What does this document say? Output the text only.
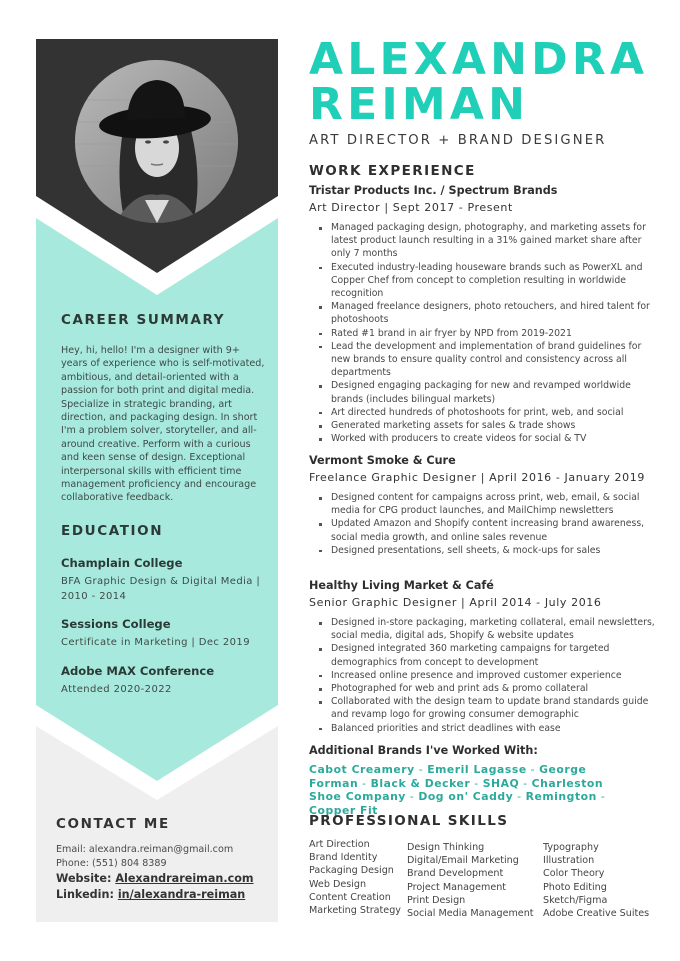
CAREER SUMMARY
Hey, hi, hello! I'm a designer with 9+ years of experience who is self-motivated, ambitious, and detail-oriented with a passion for both print and digital media. Specialize in strategic branding, art direction, and packaging design. In short I'm a problem solver, storyteller, and all-around creative. Perform with a curious and keen sense of design. Exceptional interpersonal skills with efficient time management proficiency and encourage collaborative feedback.
EDUCATION
Champlain College
BFA Graphic Design & Digital Media | 2010 - 2014
Sessions College
Certificate in Marketing | Dec 2019
Adobe MAX Conference
Attended 2020-2022
CONTACT ME
Email: alexandra.reiman@gmail.com
Phone: (551) 804 8389
Website: Alexandrareiman.com
Linkedin: in/alexandra-reiman
ALEXANDRA
REIMAN
ART DIRECTOR + BRAND DESIGNER
WORK EXPERIENCE
Tristar Products Inc. / Spectrum Brands
Art Director | Sept 2017 - Present
Managed packaging design, photography, and marketing assets for latest product launch resulting in a 31% gained market share after only 7 months
Executed industry-leading houseware brands such as PowerXL and Copper Chef from concept to completion resulting in worldwide recognition
Managed freelance designers, photo retouchers, and hired talent for photoshoots
Rated #1 brand in air fryer by NPD from 2019-2021
Lead the development and implementation of brand guidelines for new brands to ensure quality control and consistency across all departments
Designed engaging packaging for new and revamped worldwide brands (includes bilingual markets)
Art directed hundreds of photoshoots for print, web, and social
Generated marketing assets for sales & trade shows
Worked with producers to create videos for social & TV
Vermont Smoke & Cure
Freelance Graphic Designer | April 2016 - January 2019
Designed content for campaigns across print, web, email, & social media for CPG product launches, and MailChimp newsletters
Updated Amazon and Shopify content increasing brand awareness, social media growth, and online sales revenue
Designed presentations, sell sheets, & mock-ups for sales
Healthy Living Market & Café
Senior Graphic Designer | April 2014 - July 2016
Designed in-store packaging, marketing collateral, email newsletters, social media, digital ads, Shopify & website updates
Designed integrated 360 marketing campaigns for targeted demographics from concept to development
Increased online presence and improved customer experience
Photographed for web and print ads & promo collateral
Collaborated with the design team to update brand standards guide and revamp logo for growing consumer demographic
Balanced priorities and strict deadlines with ease
Additional Brands I've Worked With:
Cabot Creamery - Emeril Lagasse - George Forman - Black & Decker - SHAQ - Charleston Shoe Company - Dog on' Caddy - Remington - Copper Fit
PROFESSIONAL SKILLS
Art Direction
Brand Identity
Packaging Design
Web Design
Content Creation
Marketing Strategy
Design Thinking
Digital/Email Marketing
Brand Development
Project Management
Print Design
Social Media Management
Typography
Illustration
Color Theory
Photo Editing
Sketch/Figma
Adobe Creative Suites
